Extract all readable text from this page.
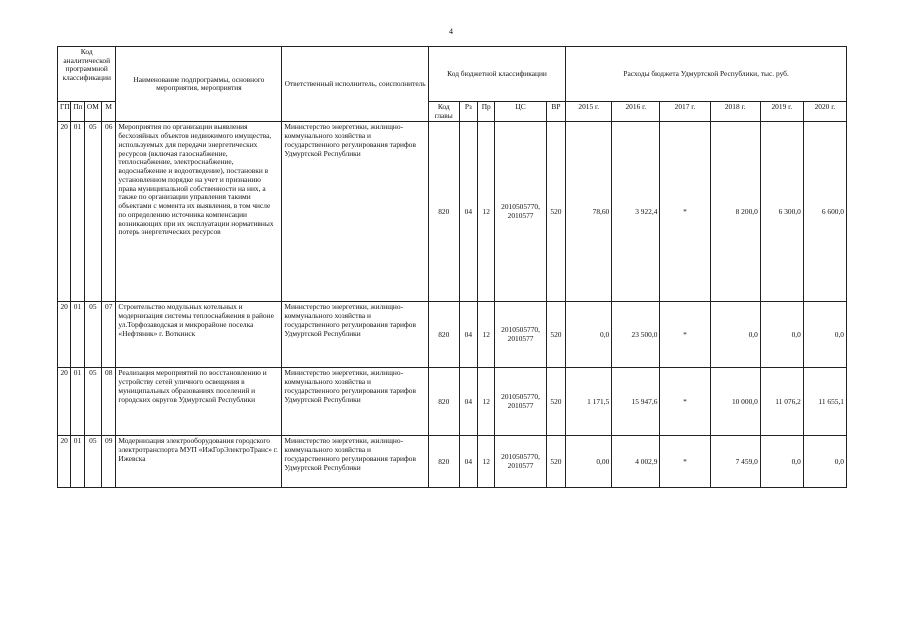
4
Код аналитической программной классификации				Наименование подпрограммы, основного мероприятия, мероприятия	Ответственный исполнитель, соисполнитель	Код бюджетной классификации					Расходы бюджета Удмуртской Республики, тыс. руб.					
ГП	Пп	ОМ	М			Код главы	Рз	Пр	ЦС	ВР	2015 г.	2016 г.	2017 г.	2018 г.	2019 г.	2020 г.
20	01	05	06	Мероприятия по организации выявления бесхозяйных объектов недвижимого имущества, используемых для передачи энергетических ресурсов (включая газоснабжение, теплоснабжение, электроснабжение, водоснабжение и водоотведение), постановки в установленном порядке на учет и признанию права муниципальной собственности на них, а также по организации управления такими объектами с момента их выявления, в том числе по определению источника компенсации возникающих при их эксплуатации нормативных потерь энергетических ресурсов	Министерство энергетики, жилищно-коммунального хозяйства и государственного регулирования тарифов Удмуртской Республики	820	04	12	2010505770, 2010577	520	78,60	3 922,4	*	8 200,0	6 300,0	6 600,0
20	01	05	07	Строительство модульных котельных и модернизация системы теплоснабжения в районе ул.Торфозаводская и микрорайоне поселка «Нефтяник» г. Воткинск	Министерство энергетики, жилищно-коммунального хозяйства и государственного регулирования тарифов Удмуртской Республики	820	04	12	2010505770, 2010577	520	0,0	23 500,0	*	0,0	0,0	0,0
20	01	05	08	Реализация мероприятий по восстановлению и устройству сетей уличного освещения в муниципальных образованиях поселений и городских округов Удмуртской Республики	Министерство энергетики, жилищно-коммунального хозяйства и государственного регулирования тарифов Удмуртской Республики	820	04	12	2010505770, 2010577	520	1 171,5	15 947,6	*	10 000,0	11 076,2	11 655,1
20	01	05	09	Модернизация электрооборудования городского электротранспорта МУП «ИжГорЭлектроТранс» г. Ижевска	Министерство энергетики, жилищно-коммунального хозяйства и государственного регулирования тарифов Удмуртской Республики	820	04	12	2010505770, 2010577	520	0,00	4 002,9	*	7 459,0	0,0	0,0
